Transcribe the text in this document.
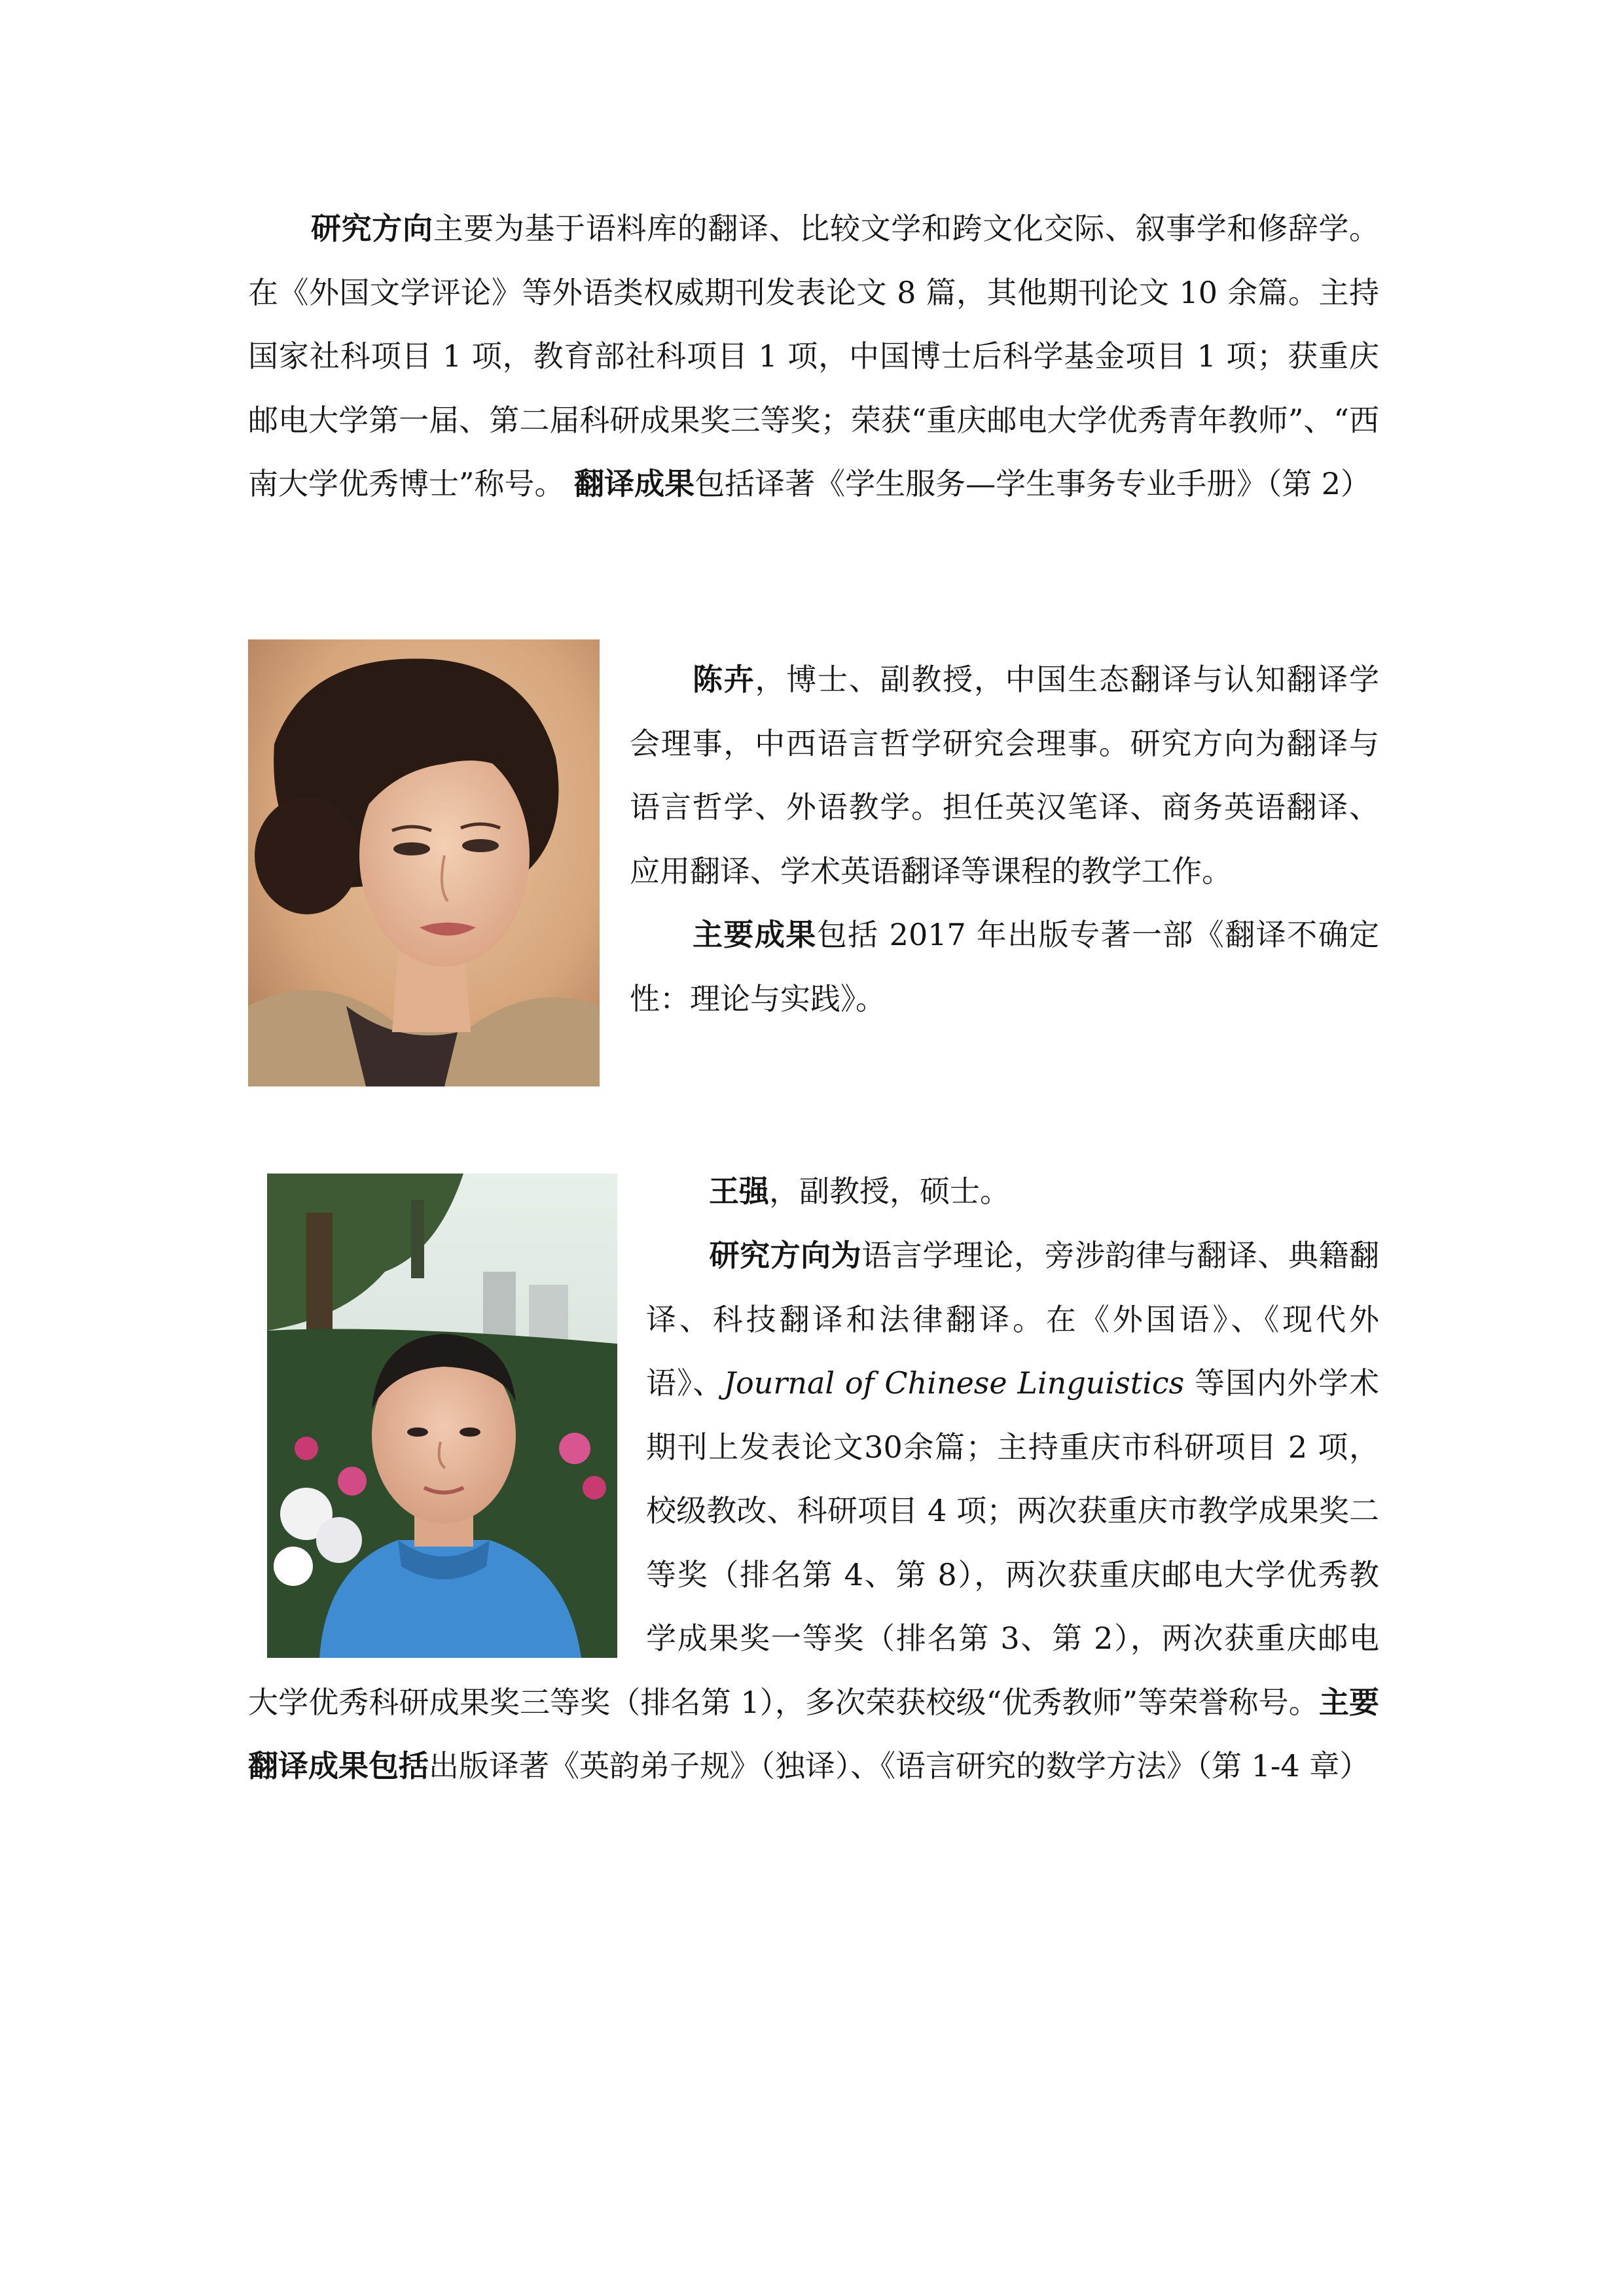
研究方向主要为基于语料库的翻译、比较文学和跨文化交际、叙事学和修辞学。在《外国文学评论》等外语类权威期刊发表论文 8 篇，其他期刊论文 10 余篇。主持国家社科项目 1 项，教育部社科项目 1 项，中国博士后科学基金项目 1 项；获重庆邮电大学第一届、第二届科研成果奖三等奖；荣获“重庆邮电大学优秀青年教师”、“西南大学优秀博士”称号。 翻译成果包括译著《学生服务—学生事务专业手册》（第 2）

陈卉，博士、副教授，中国生态翻译与认知翻译学会理事，中西语言哲学研究会理事。研究方向为翻译与语言哲学、外语教学。担任英汉笔译、商务英语翻译、应用翻译、学术英语翻译等课程的教学工作。

主要成果包括 2017 年出版专著一部《翻译不确定性：理论与实践》。

王强，副教授，硕士。

研究方向为语言学理论，旁涉韵律与翻译、典籍翻译、科技翻译和法律翻译。在《外国语》、《现代外语》、Journal of Chinese Linguistics 等国内外学术期刊上发表论文30余篇；主持重庆市科研项目 2 项，校级教改、科研项目 4 项；两次获重庆市教学成果奖二等奖（排名第 4、第 8），两次获重庆邮电大学优秀教学成果奖一等奖（排名第 3、第 2），两次获重庆邮电大学优秀科研成果奖三等奖（排名第 1），多次荣获校级“优秀教师”等荣誉称号。主要翻译成果包括出版译著《英韵弟子规》（独译）、《语言研究的数学方法》（第 1-4 章）
